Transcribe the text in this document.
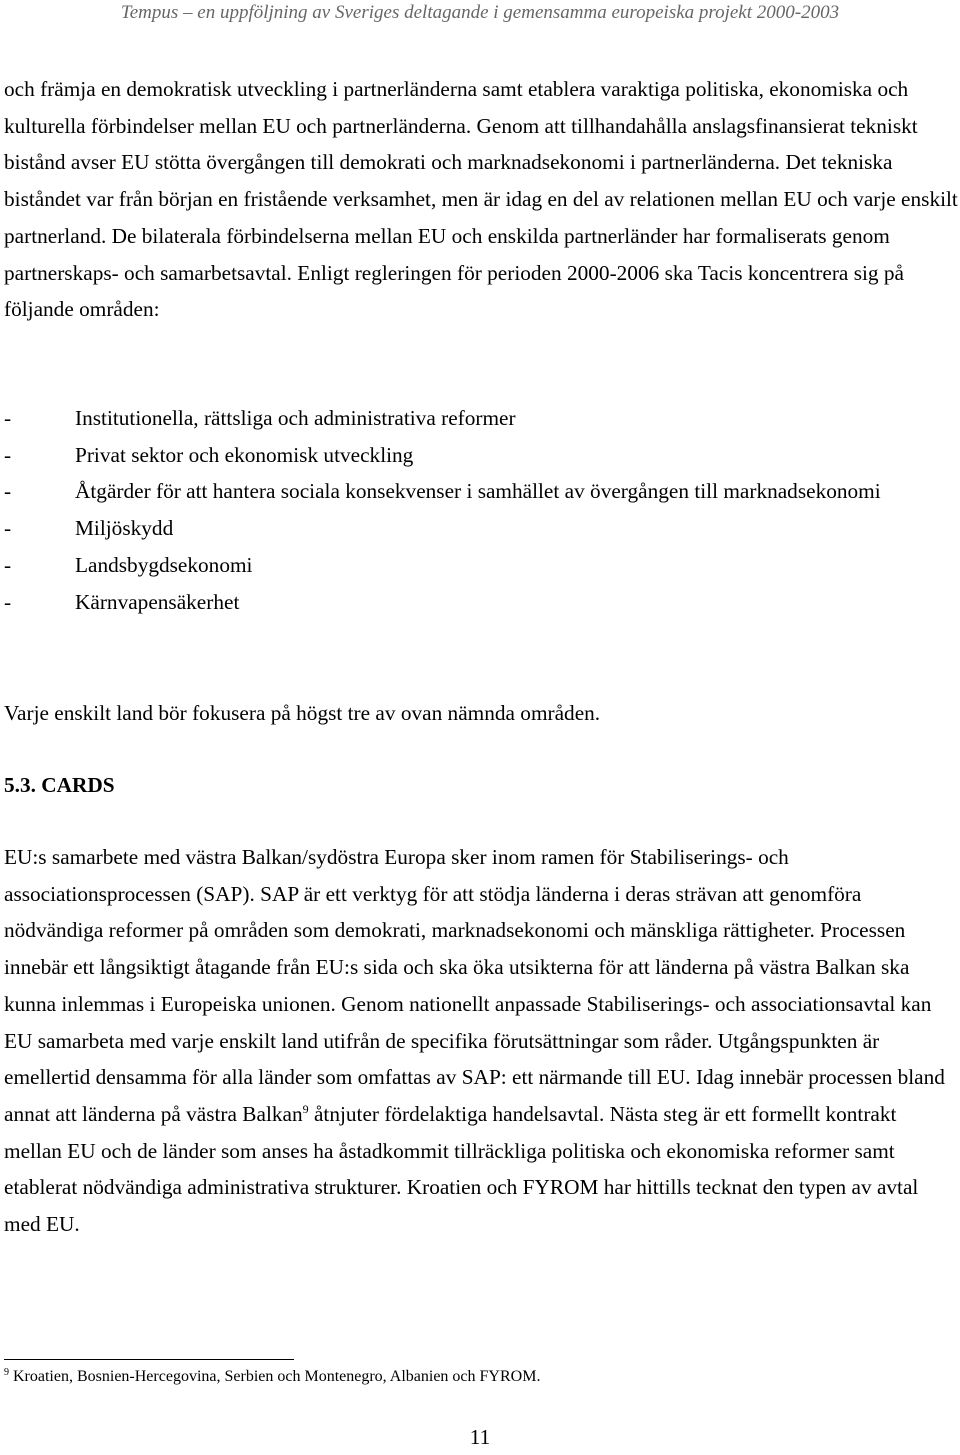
Tempus – en uppföljning av Sveriges deltagande i gemensamma europeiska projekt 2000-2003

och främja en demokratisk utveckling i partnerländerna samt etablera varaktiga politiska, ekonomiska och kulturella förbindelser mellan EU och partnerländerna. Genom att tillhandahålla anslagsfinansierat tekniskt bistånd avser EU stötta övergången till demokrati och marknadsekonomi i partnerländerna. Det tekniska biståndet var från början en fristående verksamhet, men är idag en del av relationen mellan EU och varje enskilt partnerland. De bilaterala förbindelserna mellan EU och enskilda partnerländer har formaliserats genom partnerskaps- och samarbetsavtal. Enligt regleringen för perioden 2000-2006 ska Tacis koncentrera sig på följande områden:

-	Institutionella, rättsliga och administrativa reformer
-	Privat sektor och ekonomisk utveckling
-	Åtgärder för att hantera sociala konsekvenser i samhället av övergången till marknadsekonomi
-	Miljöskydd
-	Landsbygdsekonomi
-	Kärnvapensäkerhet

Varje enskilt land bör fokusera på högst tre av ovan nämnda områden.

5.3. CARDS

EU:s samarbete med västra Balkan/sydöstra Europa sker inom ramen för Stabiliserings- och associationsprocessen (SAP). SAP är ett verktyg för att stödja länderna i deras strävan att genomföra nödvändiga reformer på områden som demokrati, marknadsekonomi och mänskliga rättigheter. Processen innebär ett långsiktigt åtagande från EU:s sida och ska öka utsikterna för att länderna på västra Balkan ska kunna inlemmas i Europeiska unionen. Genom nationellt anpassade Stabiliserings- och associationsavtal kan EU samarbeta med varje enskilt land utifrån de specifika förutsättningar som råder. Utgångspunkten är emellertid densamma för alla länder som omfattas av SAP: ett närmande till EU. Idag innebär processen bland annat att länderna på västra Balkan$^9$ åtnjuter fördelaktiga handelsavtal. Nästa steg är ett formellt kontrakt mellan EU och de länder som anses ha åstadkommit tillräckliga politiska och ekonomiska reformer samt etablerat nödvändiga administrativa strukturer. Kroatien och FYROM har hittills tecknat den typen av avtal med EU.

$^9$ Kroatien, Bosnien-Hercegovina, Serbien och Montenegro, Albanien och FYROM.

11
